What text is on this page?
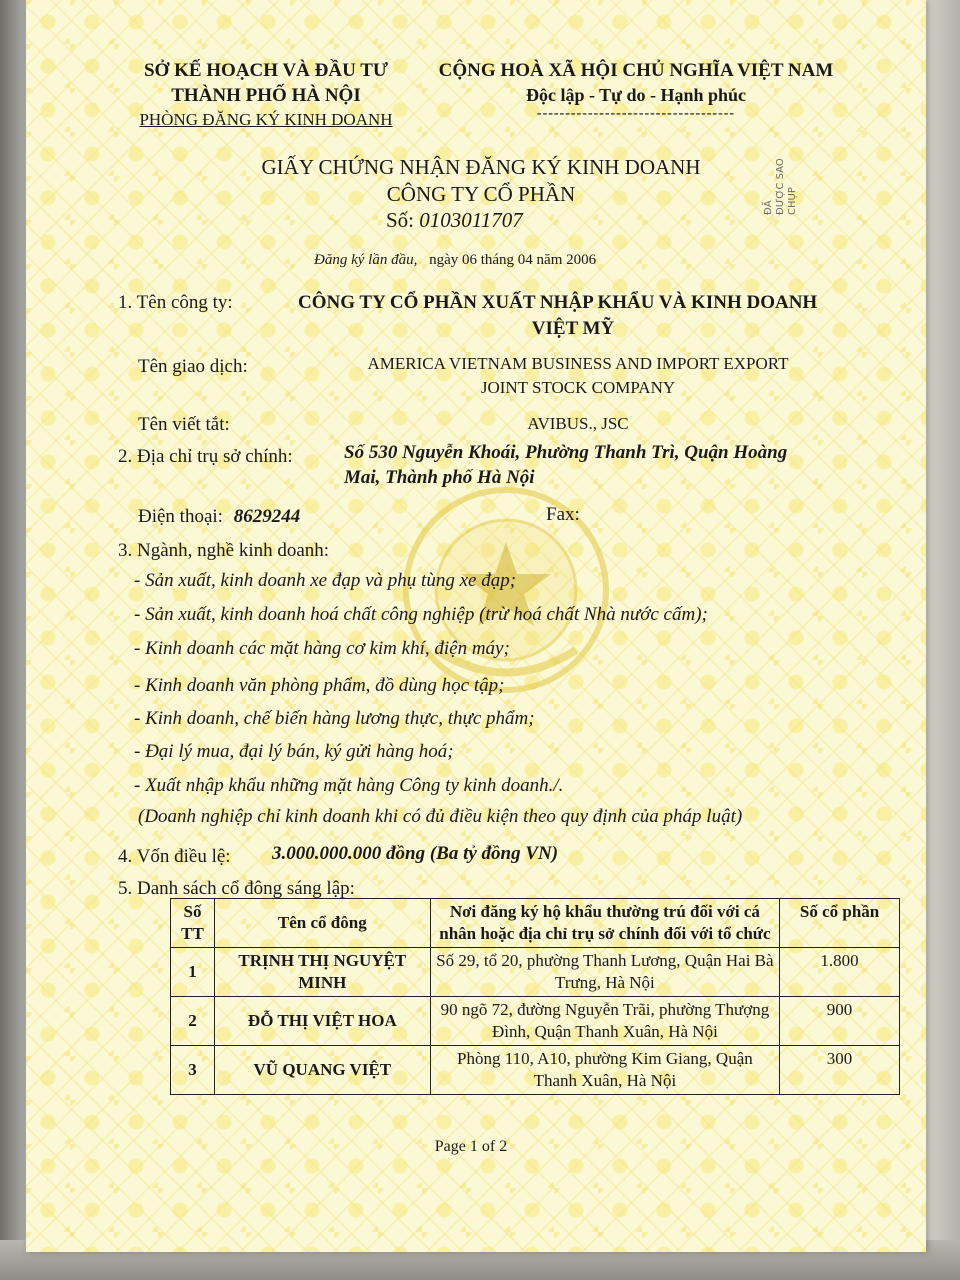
SỞ KẾ HOẠCH VÀ ĐẦU TƯ
THÀNH PHỐ HÀ NỘI
PHÒNG ĐĂNG KÝ KINH DOANH
CỘNG HOÀ XÃ HỘI CHỦ NGHĨA VIỆT NAM
Độc lập - Tự do - Hạnh phúc
-----------------------------------
GIẤY CHỨNG NHẬN ĐĂNG KÝ KINH DOANH
CÔNG TY CỔ PHẦN
Số: 0103011707
ĐĂ
ĐƯỢC SAO
CHỤP
Đăng ký lần đầu, ngày 06 tháng 04 năm 2006
1. Tên công ty:	CÔNG TY CỔ PHẦN XUẤT NHẬP KHẨU VÀ KINH DOANH
VIỆT MỸ
Tên giao dịch:	AMERICA VIETNAM BUSINESS AND IMPORT EXPORT
JOINT STOCK COMPANY
Tên viết tắt:	AVIBUS., JSC
2. Địa chỉ trụ sở chính:	Số 530 Nguyễn Khoái, Phường Thanh Trì, Quận Hoàng
Mai, Thành phố Hà Nội
Điện thoại: 8629244	Fax:
3. Ngành, nghề kinh doanh:
- Sản xuất, kinh doanh xe đạp và phụ tùng xe đạp;
- Sản xuất, kinh doanh hoá chất công nghiệp (trừ hoá chất Nhà nước cấm);
- Kinh doanh các mặt hàng cơ kim khí, điện máy;
- Kinh doanh văn phòng phẩm, đồ dùng học tập;
- Kinh doanh, chế biến hàng lương thực, thực phẩm;
- Đại lý mua, đại lý bán, ký gửi hàng hoá;
- Xuất nhập khẩu những mặt hàng Công ty kinh doanh./.
(Doanh nghiệp chỉ kinh doanh khi có đủ điều kiện theo quy định của pháp luật)
4. Vốn điều lệ: 3.000.000.000 đồng (Ba tỷ đồng VN)
5. Danh sách cổ đông sáng lập:
Số TT	Tên cổ đông	Nơi đăng ký hộ khẩu thường trú đối với cá nhân hoặc địa chỉ trụ sở chính đối với tổ chức	Số cổ phần
1	TRỊNH THỊ NGUYỆT MINH	Số 29, tổ 20, phường Thanh Lương, Quận Hai Bà Trưng, Hà Nội	1.800
2	ĐỖ THỊ VIỆT HOA	90 ngõ 72, đường Nguyễn Trãi, phường Thượng Đình, Quận Thanh Xuân, Hà Nội	900
3	VŨ QUANG VIỆT	Phòng 110, A10, phường Kim Giang, Quận Thanh Xuân, Hà Nội	300
Page 1 of 2
